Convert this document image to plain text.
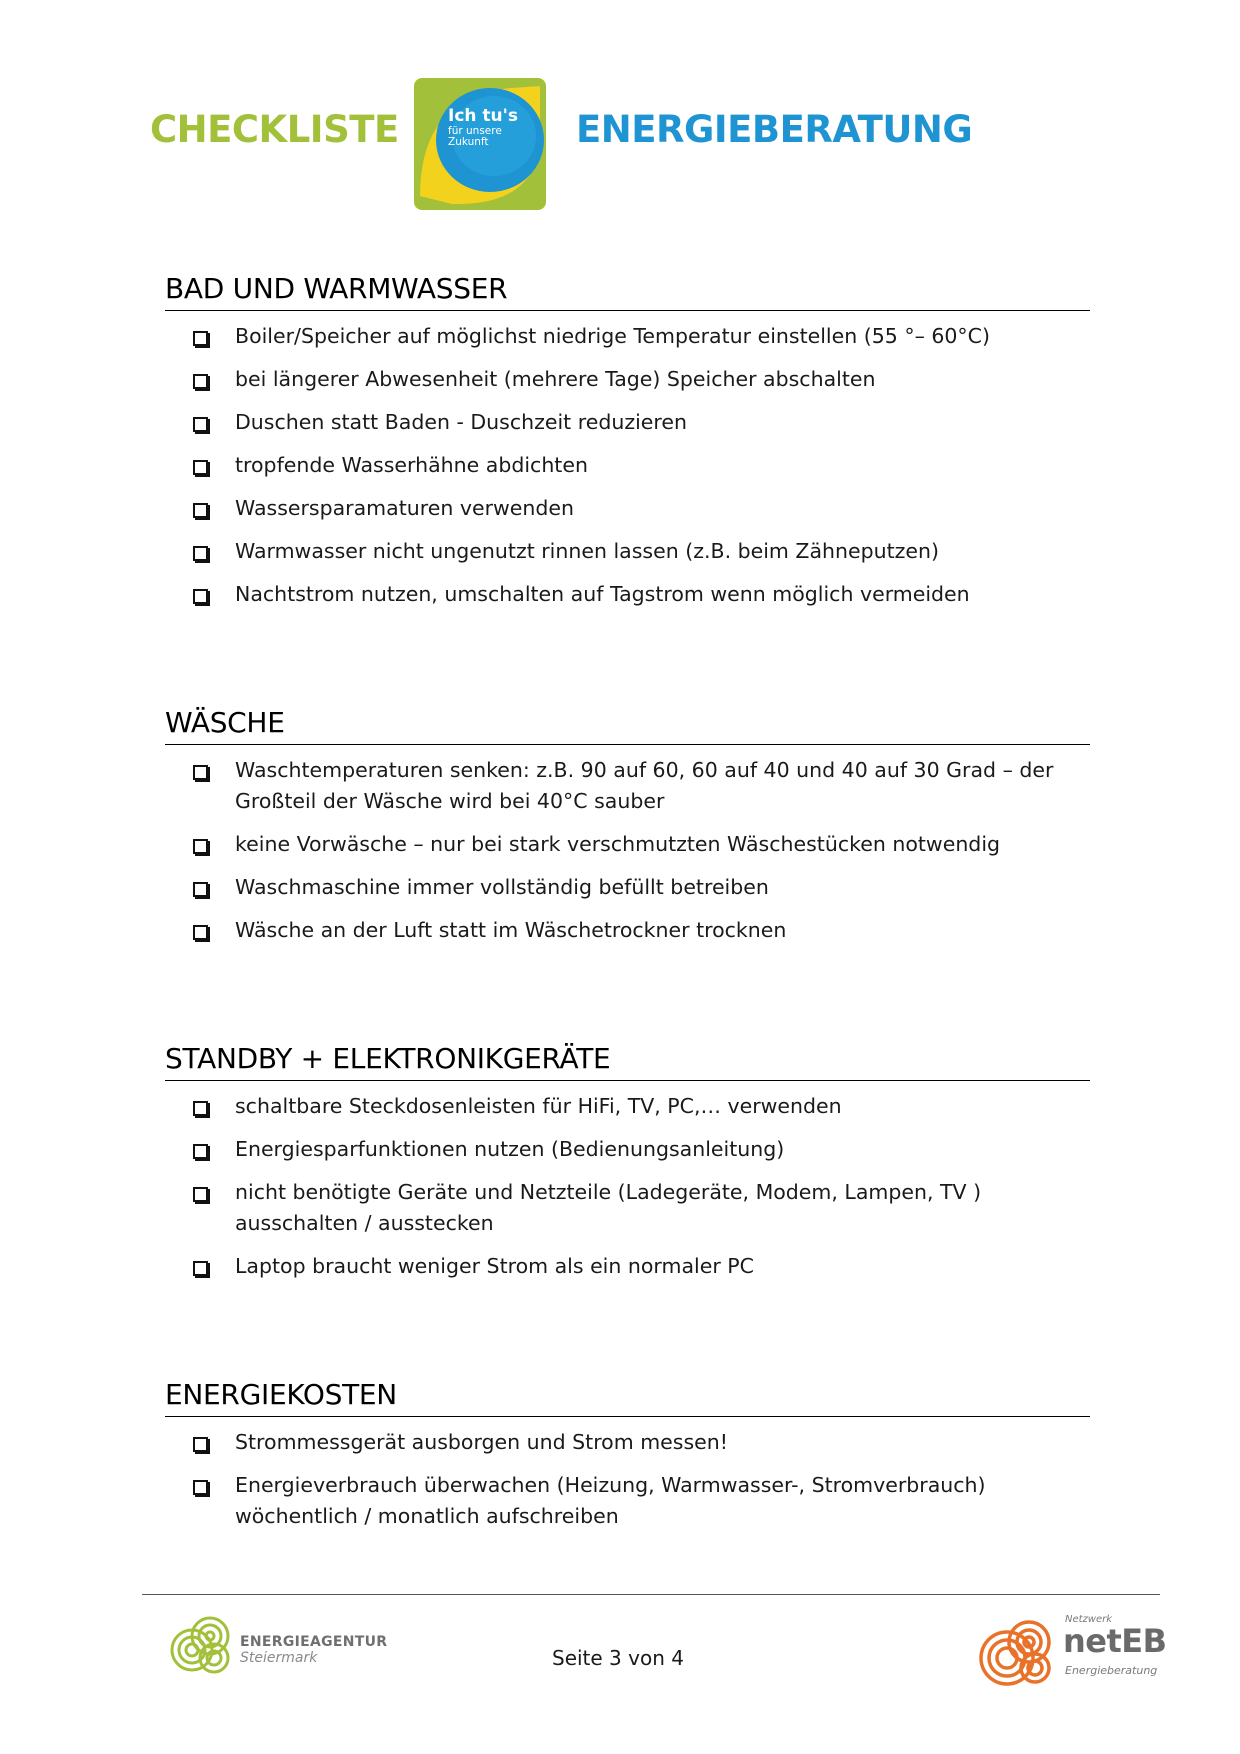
CHECKLISTE	Ich tu's
für unsere
Zukunft	ENERGIEBERATUNG
BAD UND WARMWASSER
Boiler/Speicher auf möglichst niedrige Temperatur einstellen (55 °– 60°C)
bei längerer Abwesenheit (mehrere Tage) Speicher abschalten
Duschen statt Baden - Duschzeit reduzieren
tropfende Wasserhähne abdichten
Wassersparamaturen verwenden
Warmwasser nicht ungenutzt rinnen lassen (z.B. beim Zähneputzen)
Nachtstrom nutzen, umschalten auf Tagstrom wenn möglich vermeiden
WÄSCHE
Waschtemperaturen senken: z.B. 90 auf 60, 60 auf 40 und 40 auf 30 Grad – der Großteil der Wäsche wird bei 40°C sauber
keine Vorwäsche – nur bei stark verschmutzten Wäschestücken notwendig
Waschmaschine immer vollständig befüllt betreiben
Wäsche an der Luft statt im Wäschetrockner trocknen
STANDBY + ELEKTRONIKGERÄTE
schaltbare Steckdosenleisten für HiFi, TV, PC,… verwenden
Energiesparfunktionen nutzen (Bedienungsanleitung)
nicht benötigte Geräte und Netzteile (Ladegeräte, Modem, Lampen, TV ) ausschalten / ausstecken
Laptop braucht weniger Strom als ein normaler PC
ENERGIEKOSTEN
Strommessgerät ausborgen und Strom messen!
Energieverbrauch überwachen (Heizung, Warmwasser-, Stromverbrauch) wöchentlich / monatlich aufschreiben
ENERGIEAGENTUR
Steiermark	Seite 3 von 4
Netzwerk
netEB
Energieberatung
